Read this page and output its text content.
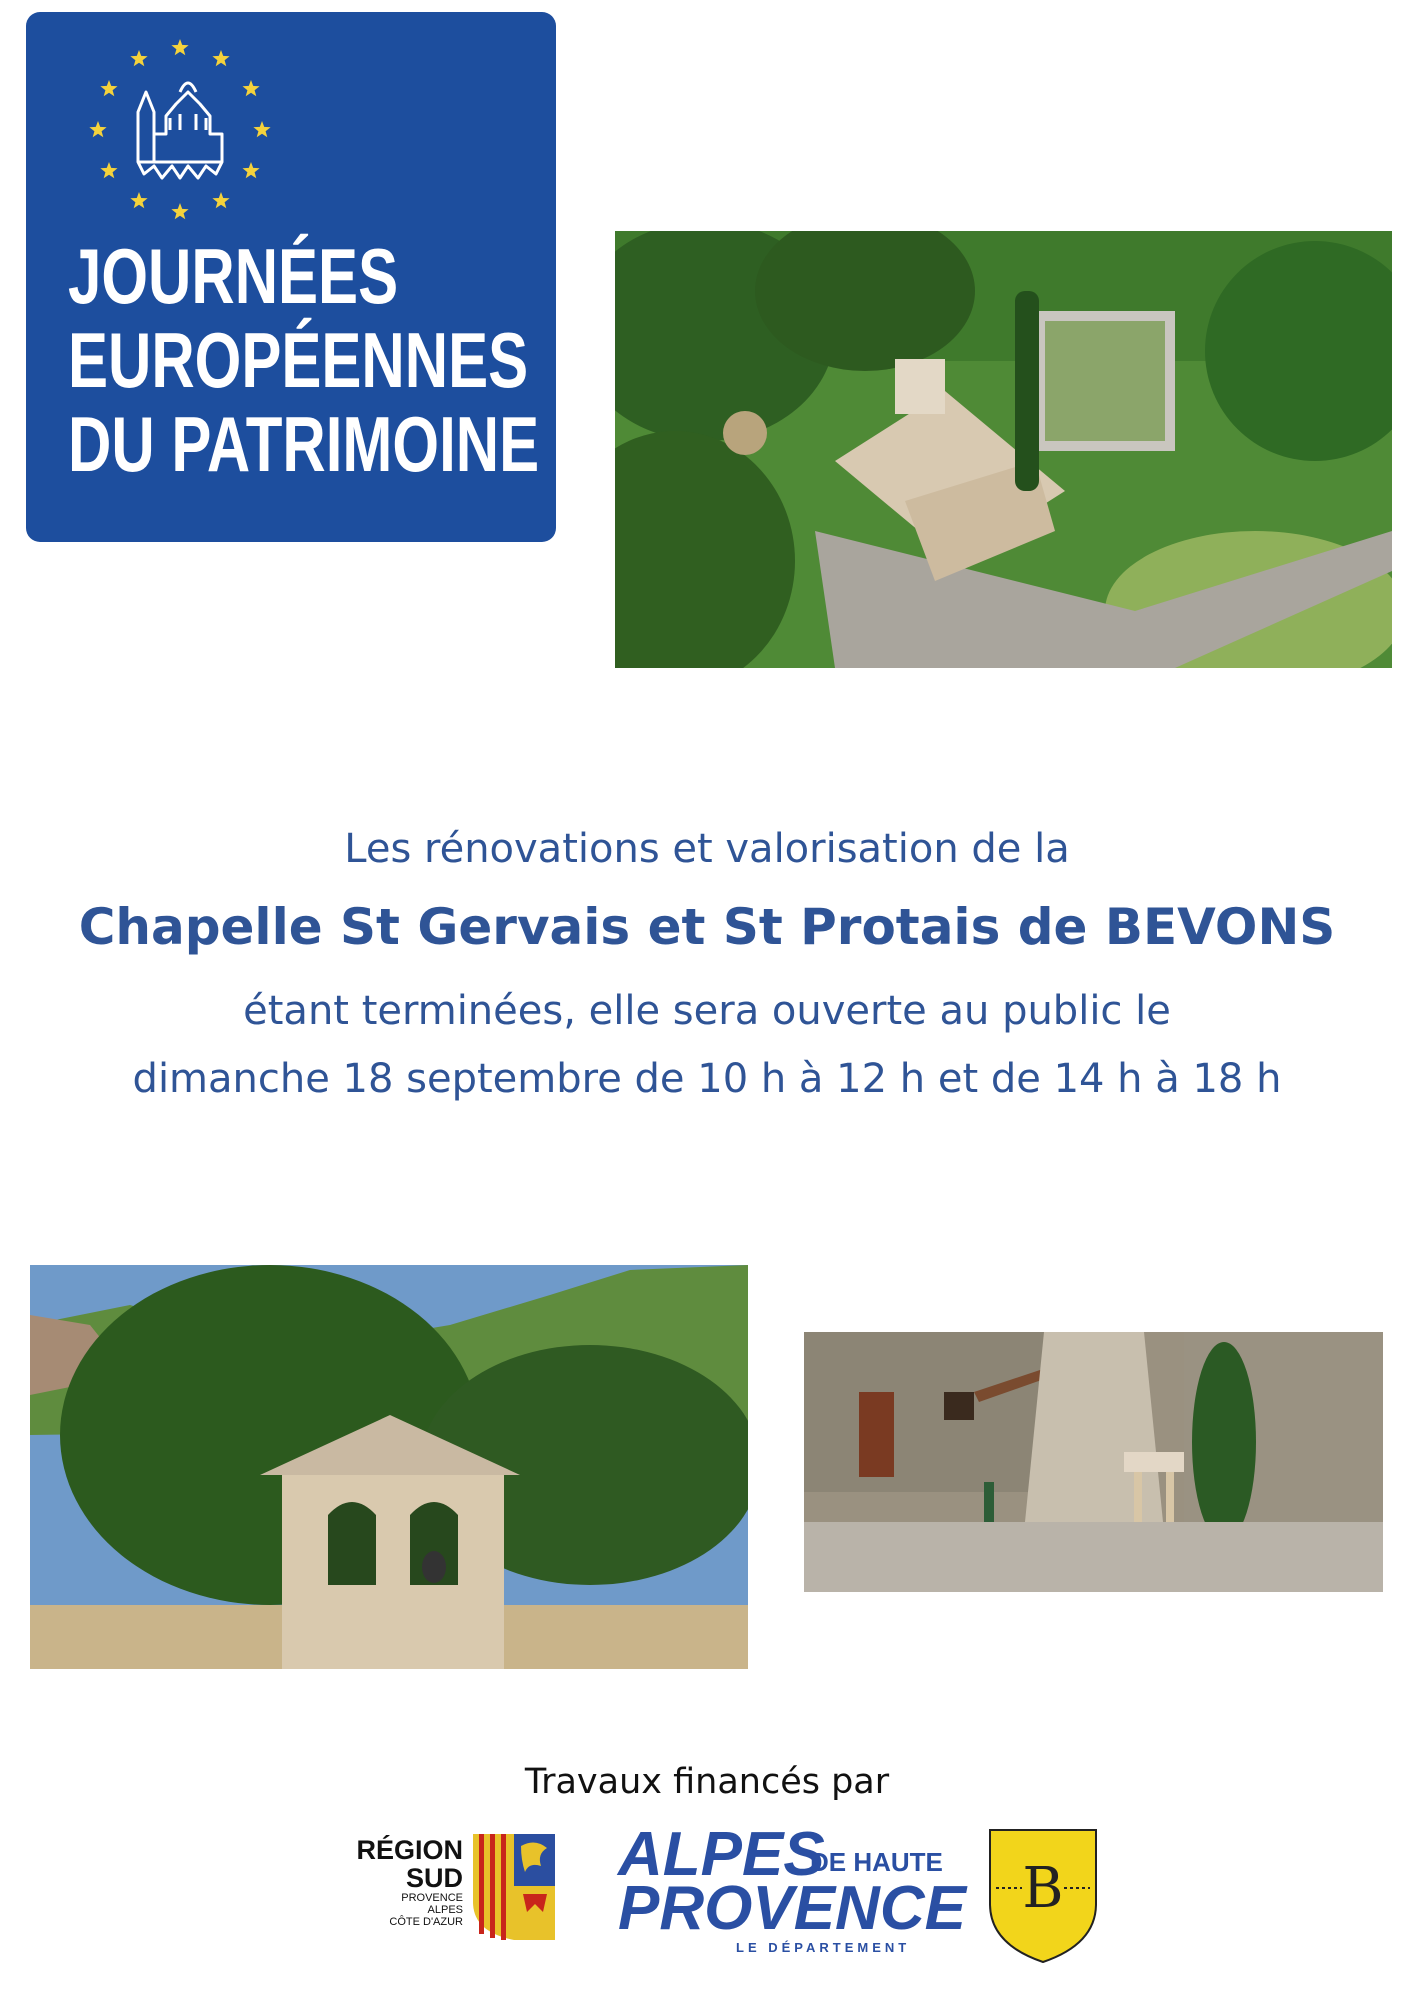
JOURNÉES
EUROPÉENNES
DU PATRIMOINE
Les rénovations et valorisation de la
Chapelle St Gervais et St Protais de BEVONS
étant terminées, elle sera ouverte au public le
dimanche 18 septembre de 10 h à 12 h et de 14 h à 18 h
Travaux financés par
RÉGION
SUD
PROVENCE
ALPES
CÔTE D'AZUR
ALPES
DE HAUTE
PROVENCE
LE DÉPARTEMENT
B
